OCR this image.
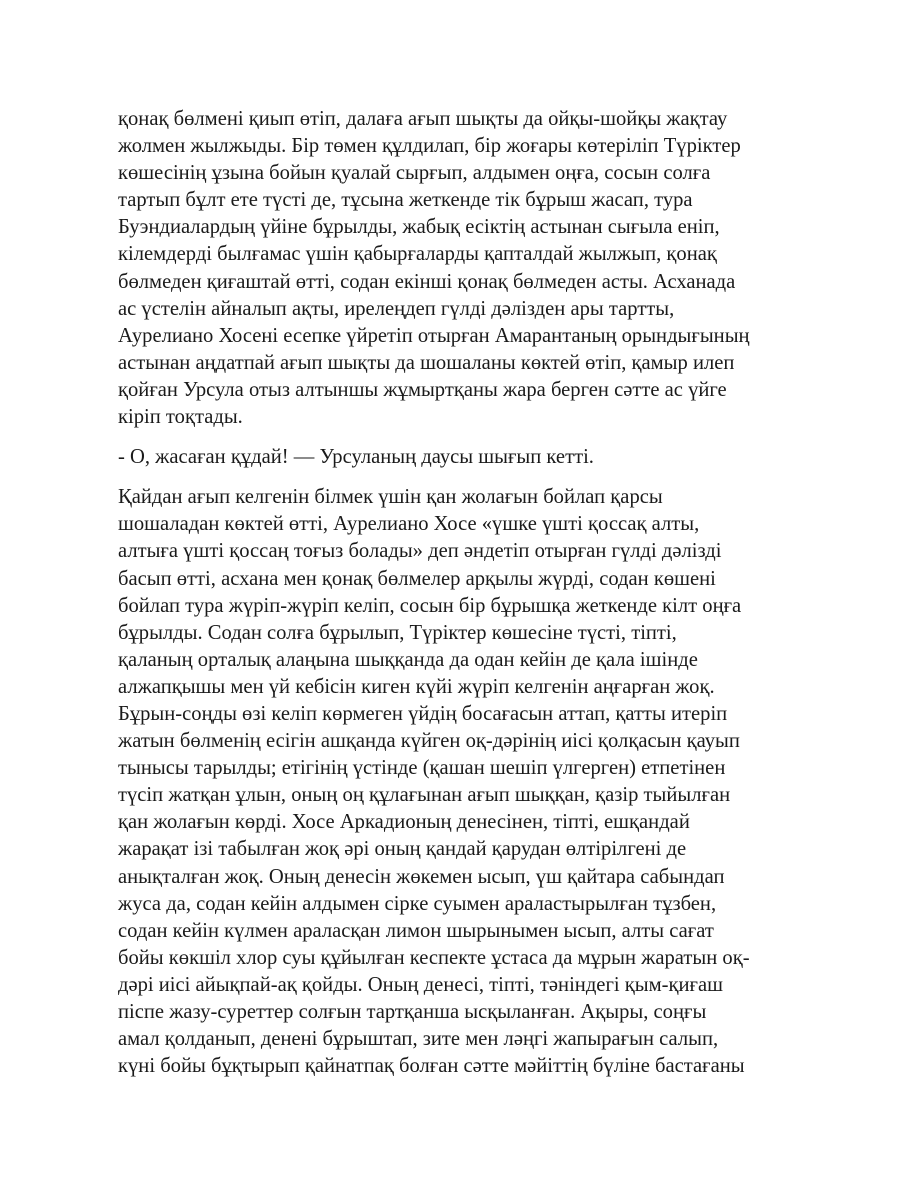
қонақ бөлмені қиып өтіп, далаға ағып шықты да ойқы-шойқы жақтау
жолмен жылжыды. Бір төмен құлдилап, бір жоғары көтеріліп Түріктер
көшесінің ұзына бойын қуалай сырғып, алдымен оңға, сосын солға
тартып бұлт ете түсті де, тұсына жеткенде тік бұрыш жасап, тура
Буэндиалардың үйіне бұрылды, жабық есіктің астынан сығыла еніп,
кілемдерді былғамас үшін қабырғаларды қапталдай жылжып, қонақ
бөлмеден қиғаштай өтті, содан екінші қонақ бөлмеден асты. Асханада
ас үстелін айналып ақты, ирелеңдеп гүлді дәлізден ары тартты,
Аурелиано Хосені есепке үйретіп отырған Амарантаның орындығының
астынан аңдатпай ағып шықты да шошаланы көктей өтіп, қамыр илеп
қойған Урсула отыз алтыншы жұмыртқаны жара берген сәтте ас үйге
кіріп тоқтады.

- О, жасаған құдай! — Урсуланың даусы шығып кетті.

Қайдан ағып келгенін білмек үшін қан жолағын бойлап қарсы
шошаладан көктей өтті, Аурелиано Хосе «үшке үшті қоссақ алты,
алтыға үшті қоссаң тоғыз болады» деп әндетіп отырған гүлді дәлізді
басып өтті, асхана мен қонақ бөлмелер арқылы жүрді, содан көшені
бойлап тура жүріп-жүріп келіп, сосын бір бұрышқа жеткенде кілт оңға
бұрылды. Содан солға бұрылып, Түріктер көшесіне түсті, тіпті,
қаланың орталық алаңына шыққанда да одан кейін де қала ішінде
алжапқышы мен үй кебісін киген күйі жүріп келгенін аңғарған жоқ.
Бұрын-соңды өзі келіп көрмеген үйдің босағасын аттап, қатты итеріп
жатын бөлменің есігін ашқанда күйген оқ-дәрінің иісі қолқасын қауып
тынысы тарылды; етігінің үстінде (қашан шешіп үлгерген) етпетінен
түсіп жатқан ұлын, оның оң құлағынан ағып шыққан, қазір тыйылған
қан жолағын көрді. Хосе Аркадионың денесінен, тіпті, ешқандай
жарақат ізі табылған жоқ әрі оның қандай қарудан өлтірілгені де
анықталған жоқ. Оның денесін жөкемен ысып, үш қайтара сабындап
жуса да, содан кейін алдымен сірке суымен араластырылған тұзбен,
содан кейін күлмен араласқан лимон шырынымен ысып, алты сағат
бойы көкшіл хлор суы құйылған кеспекте ұстаса да мұрын жаратын оқ-
дәрі иісі айықпай-ақ қойды. Оның денесі, тіпті, тәніндегі қым-қиғаш
піспе жазу-суреттер солғын тартқанша ысқыланған. Ақыры, соңғы
амал қолданып, денені бұрыштап, зите мен ләңгі жапырағын салып,
күні бойы бұқтырып қайнатпақ болған сәтте мәйіттің бүліне бастағаны
